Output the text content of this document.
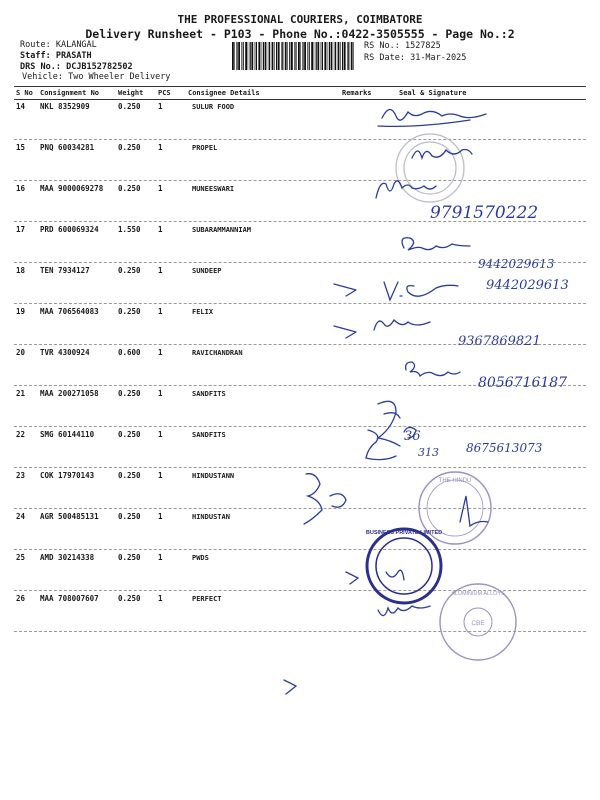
THE PROFESSIONAL COURIERS, COIMBATORE
Delivery Runsheet - P103 - Phone No.:0422-3505555 - Page No.:2
Route: KALANGAL
Staff: PRASATH
DRS No.: DCJB152782502
Vehicle: Two Wheeler Delivery
RS No.: 1527825
RS Date: 31-Mar-2025
S No Consignment No	Weight PCS Consignee Details	Remarks	Seal & Signature
14 NKL 8352909	0.250 1	SULUR FOOD
15 PNQ 60034281	0.250 1	PROPEL
16 MAA 9000069278 0.250 1	MUNEESWARI
17 PRD 600069324	1.550 1	SUBARAMMANNIAM
18 TEN 7934127	0.250 1	SUNDEEP
19 MAA 706564083	0.250 1	FELIX
20 TVR 4300924	0.600 1	RAVICHANDRAN
21 MAA 200271058	0.250 1	SANDFITS
22 SMG 60144110	0.250 1	SANDFITS
23 COK 17970143	0.250 1	HINDUSTANN
24 AGR 500485131	0.250 1	HINDUSTAN
25 AMD 30214338	0.250 1	PWDS
26 MAA 708007607	0.250 1	PERFECT
THE HINDU
BUSINESS PRIVATE LIMITED
ALUMINIUM ALLOYS
CBE
9791570222
9442029613
9442029613
9367869821
8056716187
8675613073
36
313
